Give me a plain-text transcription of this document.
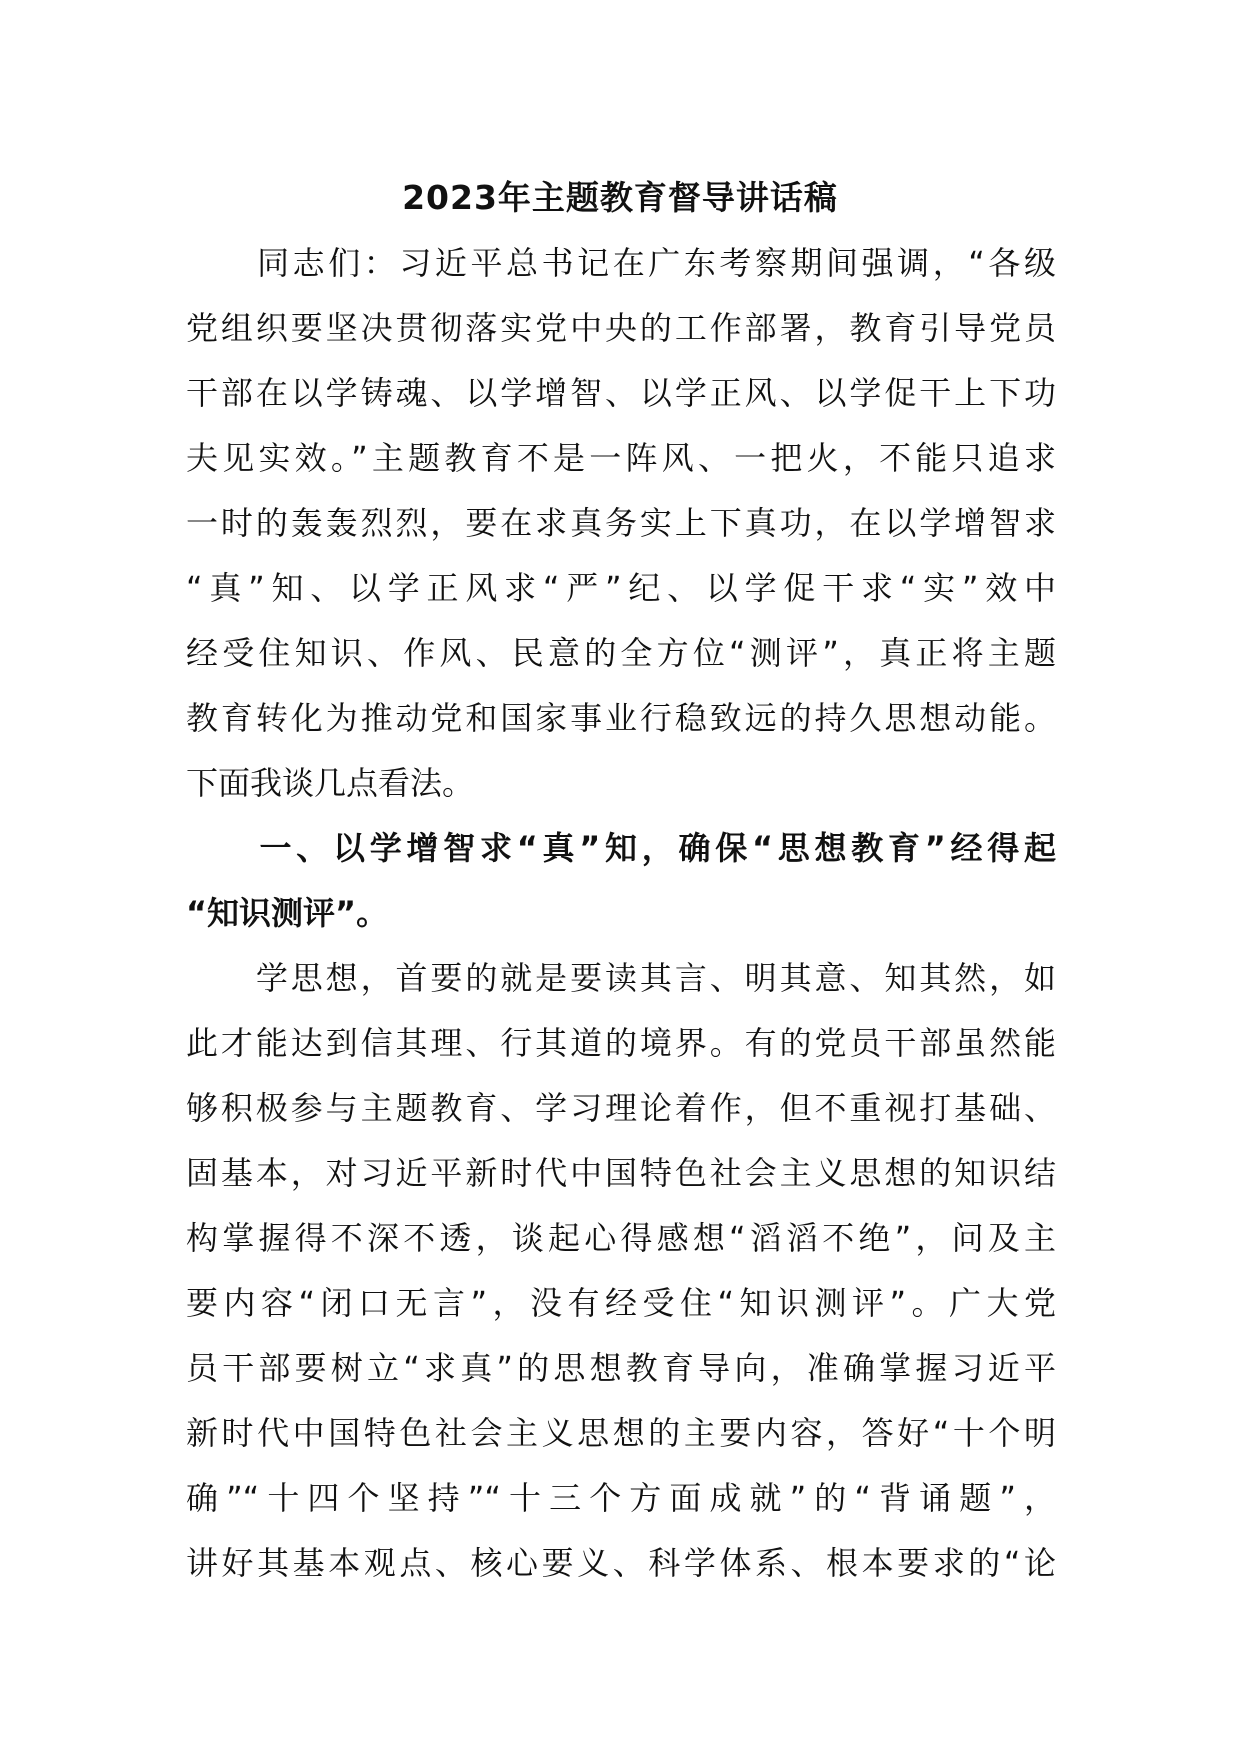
2023年主题教育督导讲话稿
　　同志们：习近平总书记在广东考察期间强调，“各级
党组织要坚决贯彻落实党中央的工作部署，教育引导党员
干部在以学铸魂、以学增智、以学正风、以学促干上下功
夫见实效。”主题教育不是一阵风、一把火，不能只追求
一时的轰轰烈烈，要在求真务实上下真功，在以学增智求
“真”知、以学正风求“严”纪、以学促干求“实”效中
经受住知识、作风、民意的全方位“测评”，真正将主题
教育转化为推动党和国家事业行稳致远的持久思想动能。
下面我谈几点看法。
　　一、以学增智求“真”知，确保“思想教育”经得起
“知识测评”。
　　学思想，首要的就是要读其言、明其意、知其然，如
此才能达到信其理、行其道的境界。有的党员干部虽然能
够积极参与主题教育、学习理论着作，但不重视打基础、
固基本，对习近平新时代中国特色社会主义思想的知识结
构掌握得不深不透，谈起心得感想“滔滔不绝”，问及主
要内容“闭口无言”，没有经受住“知识测评”。广大党
员干部要树立“求真”的思想教育导向，准确掌握习近平
新时代中国特色社会主义思想的主要内容，答好“十个明
确”“十四个坚持”“十三个方面成就”的“背诵题”，
讲好其基本观点、核心要义、科学体系、根本要求的“论
